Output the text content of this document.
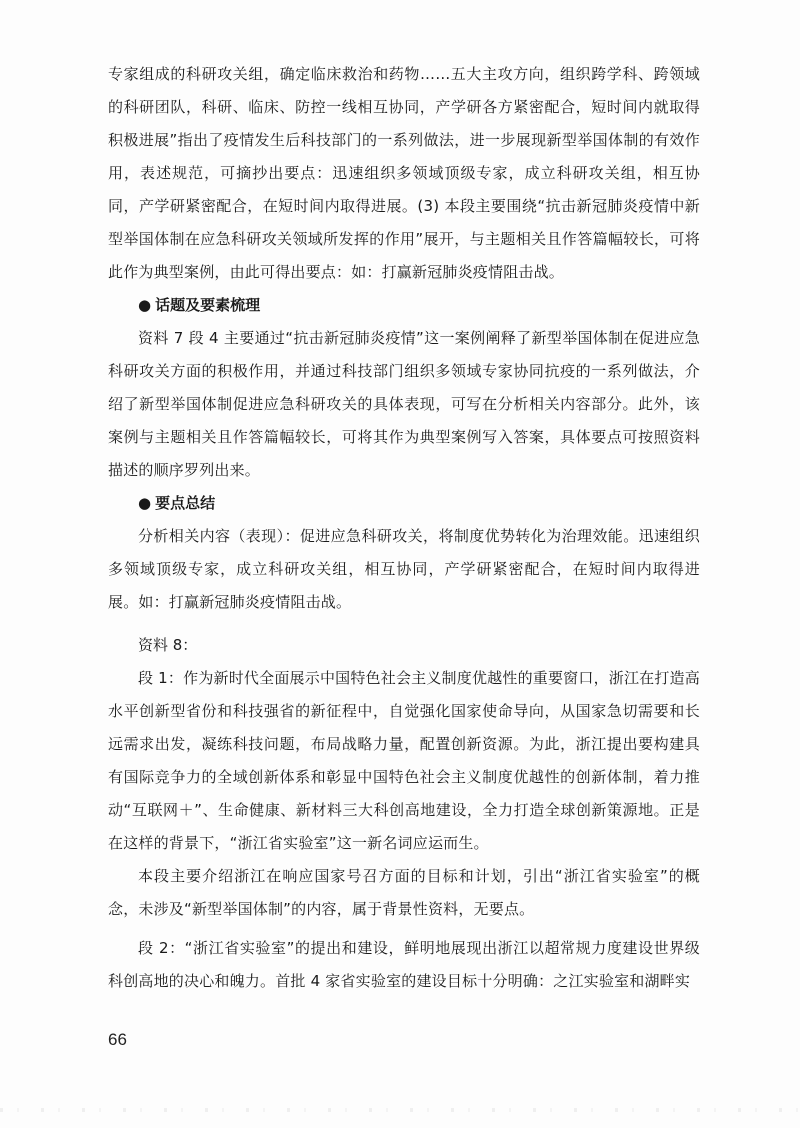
专家组成的科研攻关组，确定临床救治和药物……五大主攻方向，组织跨学科、跨领域的科研团队，科研、临床、防控一线相互协同，产学研各方紧密配合，短时间内就取得积极进展”指出了疫情发生后科技部门的一系列做法，进一步展现新型举国体制的有效作用，表述规范，可摘抄出要点：迅速组织多领域顶级专家，成立科研攻关组，相互协同，产学研紧密配合，在短时间内取得进展。(3) 本段主要围绕“抗击新冠肺炎疫情中新型举国体制在应急科研攻关领域所发挥的作用”展开，与主题相关且作答篇幅较长，可将此作为典型案例，由此可得出要点：如：打赢新冠肺炎疫情阻击战。

● 话题及要素梳理

资料 7 段 4 主要通过“抗击新冠肺炎疫情”这一案例阐释了新型举国体制在促进应急科研攻关方面的积极作用，并通过科技部门组织多领域专家协同抗疫的一系列做法，介绍了新型举国体制促进应急科研攻关的具体表现，可写在分析相关内容部分。此外，该案例与主题相关且作答篇幅较长，可将其作为典型案例写入答案，具体要点可按照资料描述的顺序罗列出来。

● 要点总结

分析相关内容（表现）：促进应急科研攻关，将制度优势转化为治理效能。迅速组织多领域顶级专家，成立科研攻关组，相互协同，产学研紧密配合，在短时间内取得进展。如：打赢新冠肺炎疫情阻击战。

资料 8：

段 1：作为新时代全面展示中国特色社会主义制度优越性的重要窗口，浙江在打造高水平创新型省份和科技强省的新征程中，自觉强化国家使命导向，从国家急切需要和长远需求出发，凝练科技问题，布局战略力量，配置创新资源。为此，浙江提出要构建具有国际竞争力的全域创新体系和彰显中国特色社会主义制度优越性的创新体制，着力推动“互联网＋”、生命健康、新材料三大科创高地建设，全力打造全球创新策源地。正是在这样的背景下，“浙江省实验室”这一新名词应运而生。

本段主要介绍浙江在响应国家号召方面的目标和计划，引出“浙江省实验室”的概念，未涉及“新型举国体制”的内容，属于背景性资料，无要点。

段 2：“浙江省实验室”的提出和建设，鲜明地展现出浙江以超常规力度建设世界级科创高地的决心和魄力。首批 4 家省实验室的建设目标十分明确：之江实验室和湖畔实

66
